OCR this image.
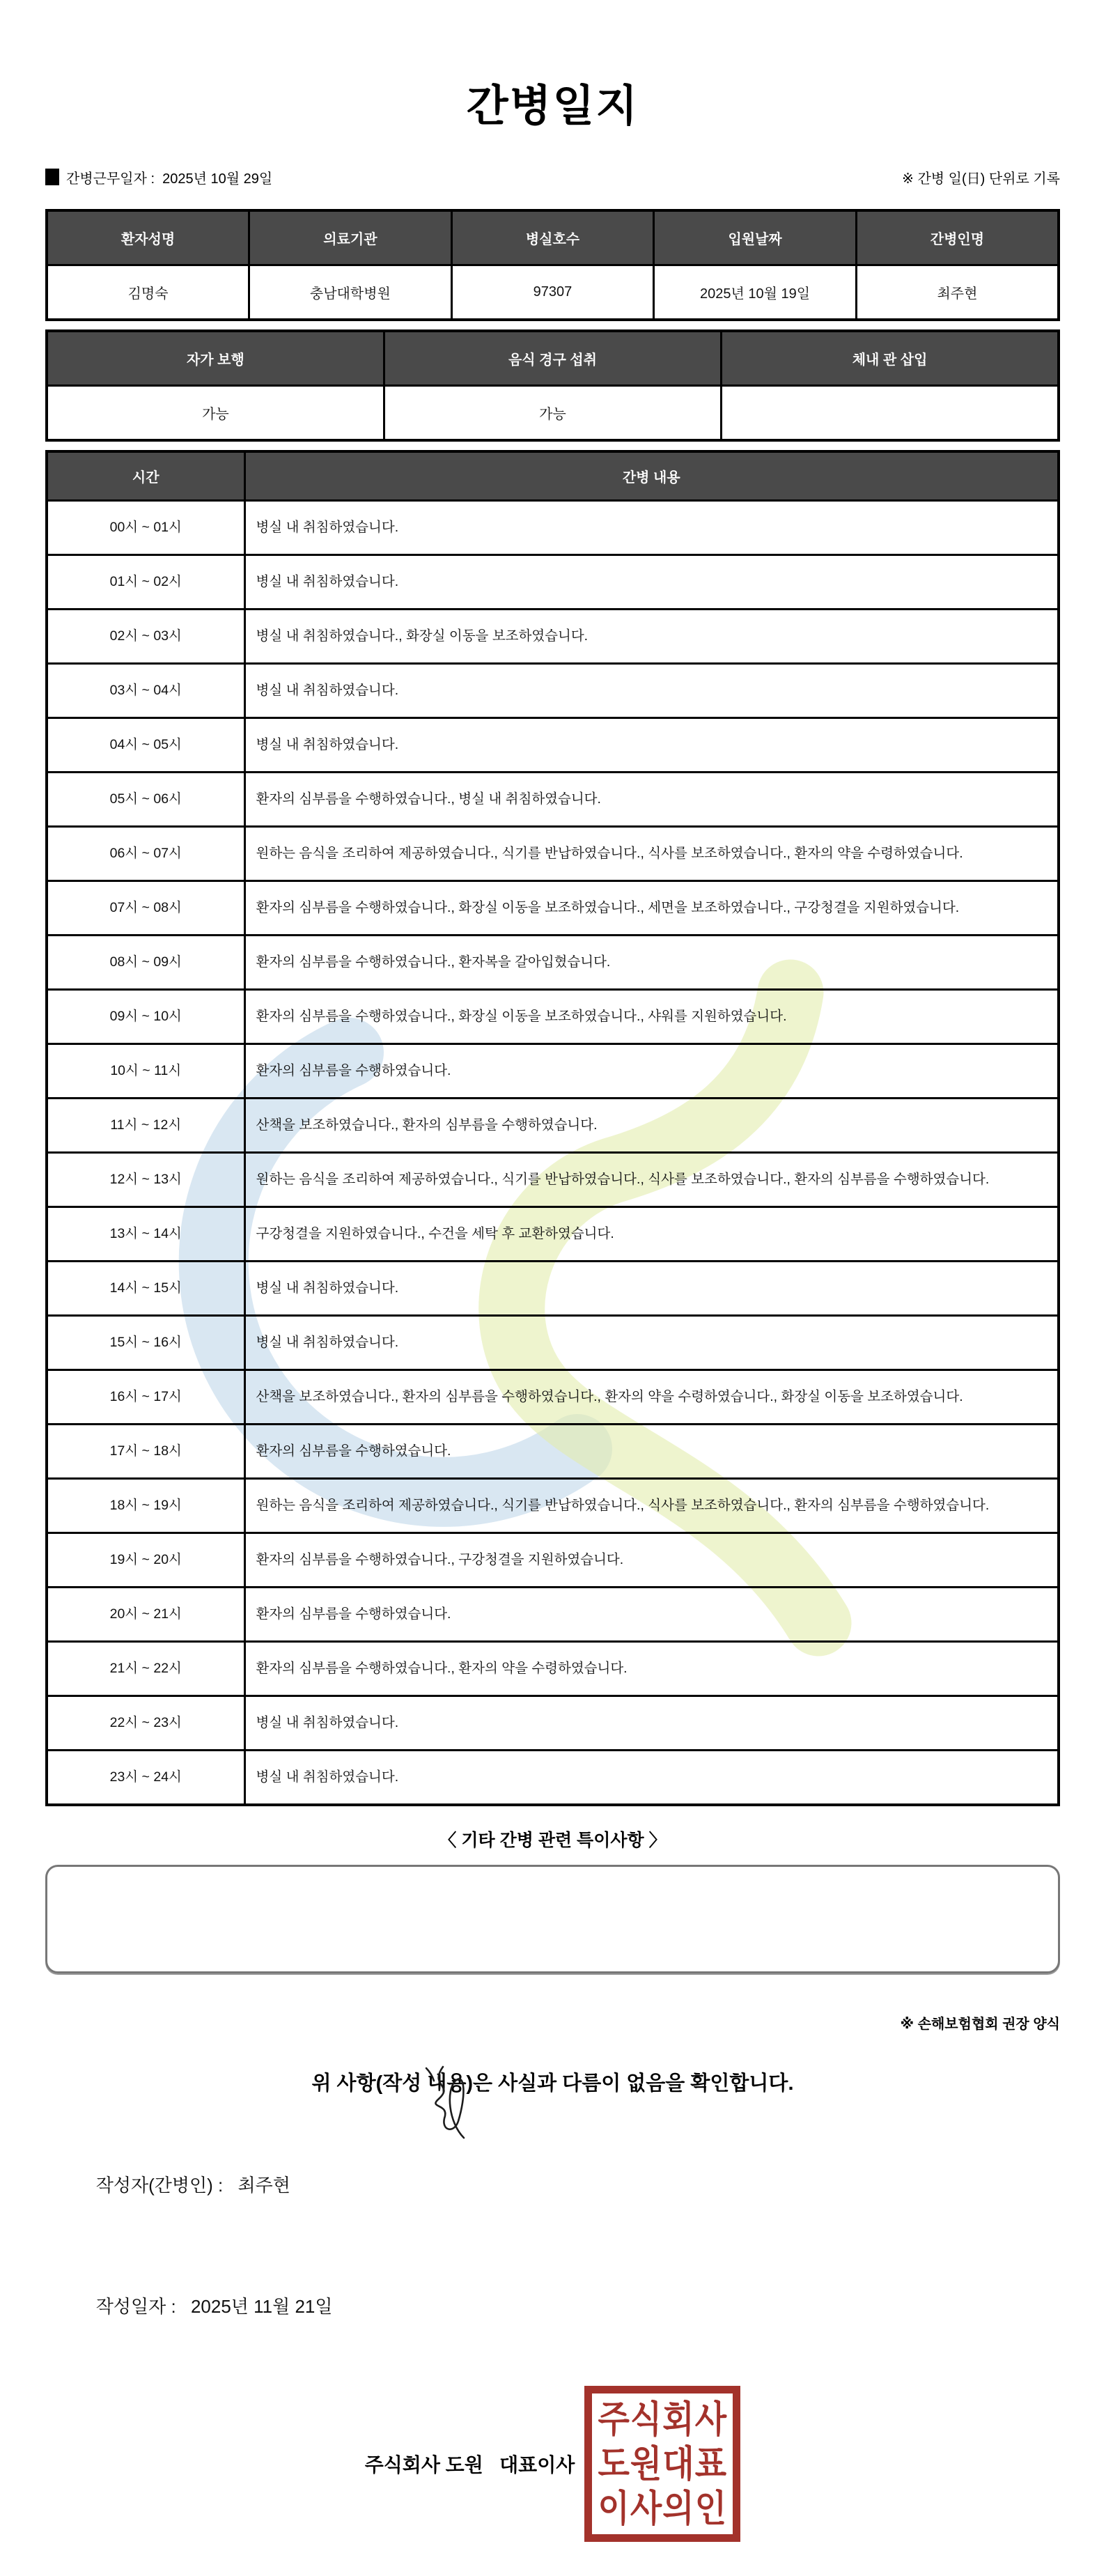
간병일지
간병근무일자 :  2025년 10월 29일	※ 간병 일(日) 단위로 기록
환자성명	의료기관	병실호수	입원날짜	간병인명
김명숙	충남대학병원	97307	2025년 10월 19일	최주현
자가 보행	음식 경구 섭취	체내 관 삽입
가능	가능	
시간	간병 내용
00시 ~ 01시	병실 내 취침하였습니다.
01시 ~ 02시	병실 내 취침하였습니다.
02시 ~ 03시	병실 내 취침하였습니다., 화장실 이동을 보조하였습니다.
03시 ~ 04시	병실 내 취침하였습니다.
04시 ~ 05시	병실 내 취침하였습니다.
05시 ~ 06시	환자의 심부름을 수행하였습니다., 병실 내 취침하였습니다.
06시 ~ 07시	원하는 음식을 조리하여 제공하였습니다., 식기를 반납하였습니다., 식사를 보조하였습니다., 환자의 약을 수령하였습니다.
07시 ~ 08시	환자의 심부름을 수행하였습니다., 화장실 이동을 보조하였습니다., 세면을 보조하였습니다., 구강청결을 지원하였습니다.
08시 ~ 09시	환자의 심부름을 수행하였습니다., 환자복을 갈아입혔습니다.
09시 ~ 10시	환자의 심부름을 수행하였습니다., 화장실 이동을 보조하였습니다., 샤워를 지원하였습니다.
10시 ~ 11시	환자의 심부름을 수행하였습니다.
11시 ~ 12시	산책을 보조하였습니다., 환자의 심부름을 수행하였습니다.
12시 ~ 13시	원하는 음식을 조리하여 제공하였습니다., 식기를 반납하였습니다., 식사를 보조하였습니다., 환자의 심부름을 수행하였습니다.
13시 ~ 14시	구강청결을 지원하였습니다., 수건을 세탁 후 교환하였습니다.
14시 ~ 15시	병실 내 취침하였습니다.
15시 ~ 16시	병실 내 취침하였습니다.
16시 ~ 17시	산책을 보조하였습니다., 환자의 심부름을 수행하였습니다., 환자의 약을 수령하였습니다., 화장실 이동을 보조하였습니다.
17시 ~ 18시	환자의 심부름을 수행하였습니다.
18시 ~ 19시	원하는 음식을 조리하여 제공하였습니다., 식기를 반납하였습니다., 식사를 보조하였습니다., 환자의 심부름을 수행하였습니다.
19시 ~ 20시	환자의 심부름을 수행하였습니다., 구강청결을 지원하였습니다.
20시 ~ 21시	환자의 심부름을 수행하였습니다.
21시 ~ 22시	환자의 심부름을 수행하였습니다., 환자의 약을 수령하였습니다.
22시 ~ 23시	병실 내 취침하였습니다.
23시 ~ 24시	병실 내 취침하였습니다.
〈 기타 간병 관련 특이사항 〉
※ 손해보험협회 권장 양식
위 사항(작성 내용)은 사실과 다름이 없음을 확인합니다.

작성자(간병인) : 최주현

작성일자 : 2025년 11월 21일

주식회사 도원   대표이사
주식회사
도원대표
이사의인
